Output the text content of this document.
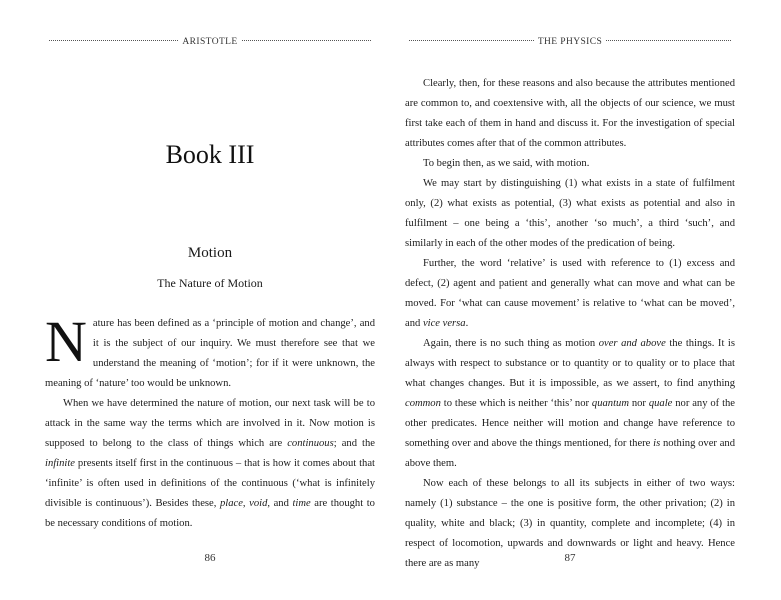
ARISTOTLE
Book III
Motion
The Nature of Motion

Nature has been defined as a ‘principle of motion and change’, and it is the subject of our inquiry. We must therefore see that we understand the meaning of ‘motion’; for if it were unknown, the meaning of ‘nature’ too would be unknown.

When we have determined the nature of motion, our next task will be to attack in the same way the terms which are involved in it. Now motion is supposed to belong to the class of things which are continuous; and the infinite presents itself first in the continuous – that is how it comes about that ‘infinite’ is often used in definitions of the continuous (‘what is infinitely divisible is continuous’). Besides these, place, void, and time are thought to be necessary conditions of motion.

86
THE PHYSICS

Clearly, then, for these reasons and also because the attributes mentioned are common to, and coextensive with, all the objects of our science, we must first take each of them in hand and discuss it. For the investigation of special attributes comes after that of the common attributes.

To begin then, as we said, with motion.

We may start by distinguishing (1) what exists in a state of fulfilment only, (2) what exists as potential, (3) what exists as potential and also in fulfilment – one being a ‘this’, another ‘so much’, a third ‘such’, and similarly in each of the other modes of the predication of being.

Further, the word ‘relative’ is used with reference to (1) excess and defect, (2) agent and patient and generally what can move and what can be moved. For ‘what can cause movement’ is relative to ‘what can be moved’, and vice versa.

Again, there is no such thing as motion over and above the things. It is always with respect to substance or to quantity or to quality or to place that what changes changes. But it is impossible, as we assert, to find anything common to these which is neither ‘this’ nor quantum nor quale nor any of the other predicates. Hence neither will motion and change have reference to something over and above the things mentioned, for there is nothing over and above them.

Now each of these belongs to all its subjects in either of two ways: namely (1) substance – the one is positive form, the other privation; (2) in quality, white and black; (3) in quantity, complete and incomplete; (4) in respect of locomotion, upwards and downwards or light and heavy. Hence there are as many	87
